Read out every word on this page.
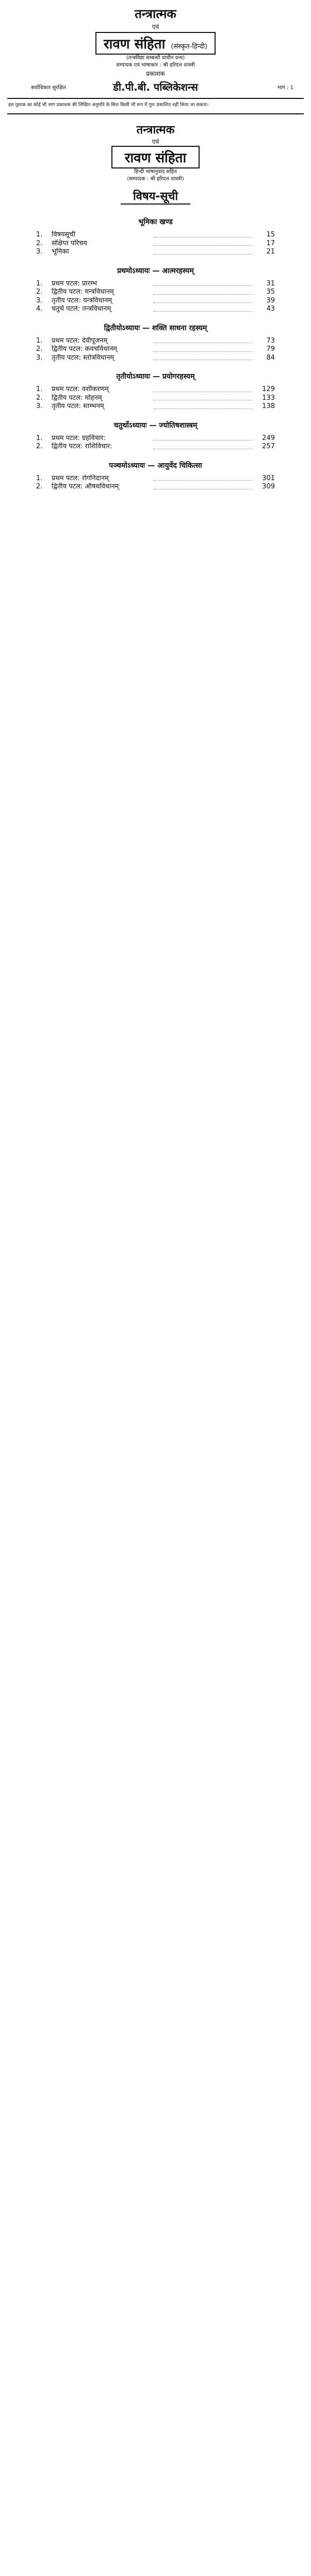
तन्त्रात्मक
एवं
रावण संहिता (संस्कृत-हिन्दी)
(तन्त्रविद्या सम्बन्धी प्राचीन ग्रन्थ)
सम्पादक एवं भाषाकार : श्री हरिदत्त शास्त्री
प्रकाशक
सर्वाधिकार सुरक्षित	डी.पी.बी. पब्लिकेशन्स	भाग : 1
इस पुस्तक का कोई भी भाग प्रकाशक की लिखित अनुमति के बिना किसी भी रूप में पुनः प्रकाशित नहीं किया जा सकता।
तन्त्रात्मक
एवं
रावण संहिता
हिन्दी भाषानुवाद सहित
(सम्पादक : श्री हरिदत्त शास्त्री)
विषय-सूची
भूमिका खण्ड
1.	विषयसूची	15
2.	संक्षिप्त परिचय	17
3.	भूमिका	21
प्रथमोऽध्यायः — आत्मरहस्यम्
1.	प्रथम पटल: प्रारम्भ	31
2.	द्वितीय पटल: मन्त्रविधानम्	35
3.	तृतीय पटल: यन्त्रविधानम्	39
4.	चतुर्थ पटल: तन्त्रविधानम्	43
द्वितीयोऽध्यायः — शक्ति साधना रहस्यम्
1.	प्रथम पटल: देवीपूजनम्	73
2.	द्वितीय पटल: कवचविधानम्	79
3.	तृतीय पटल: स्तोत्रविधानम्	84
तृतीयोऽध्यायः — प्रयोगरहस्यम्
1.	प्रथम पटल: वशीकरणम्	129
2.	द्वितीय पटल: मोहनम्	133
3.	तृतीय पटल: स्तम्भनम्	138
चतुर्थोऽध्यायः — ज्योतिषशास्त्रम्
1.	प्रथम पटल: ग्रहविचार:	249
2.	द्वितीय पटल: राशिविचार:	257
पञ्चमोऽध्यायः — आयुर्वेद चिकित्सा
1.	प्रथम पटल: रोगनिदानम्	301
2.	द्वितीय पटल: औषधविधानम्	309
